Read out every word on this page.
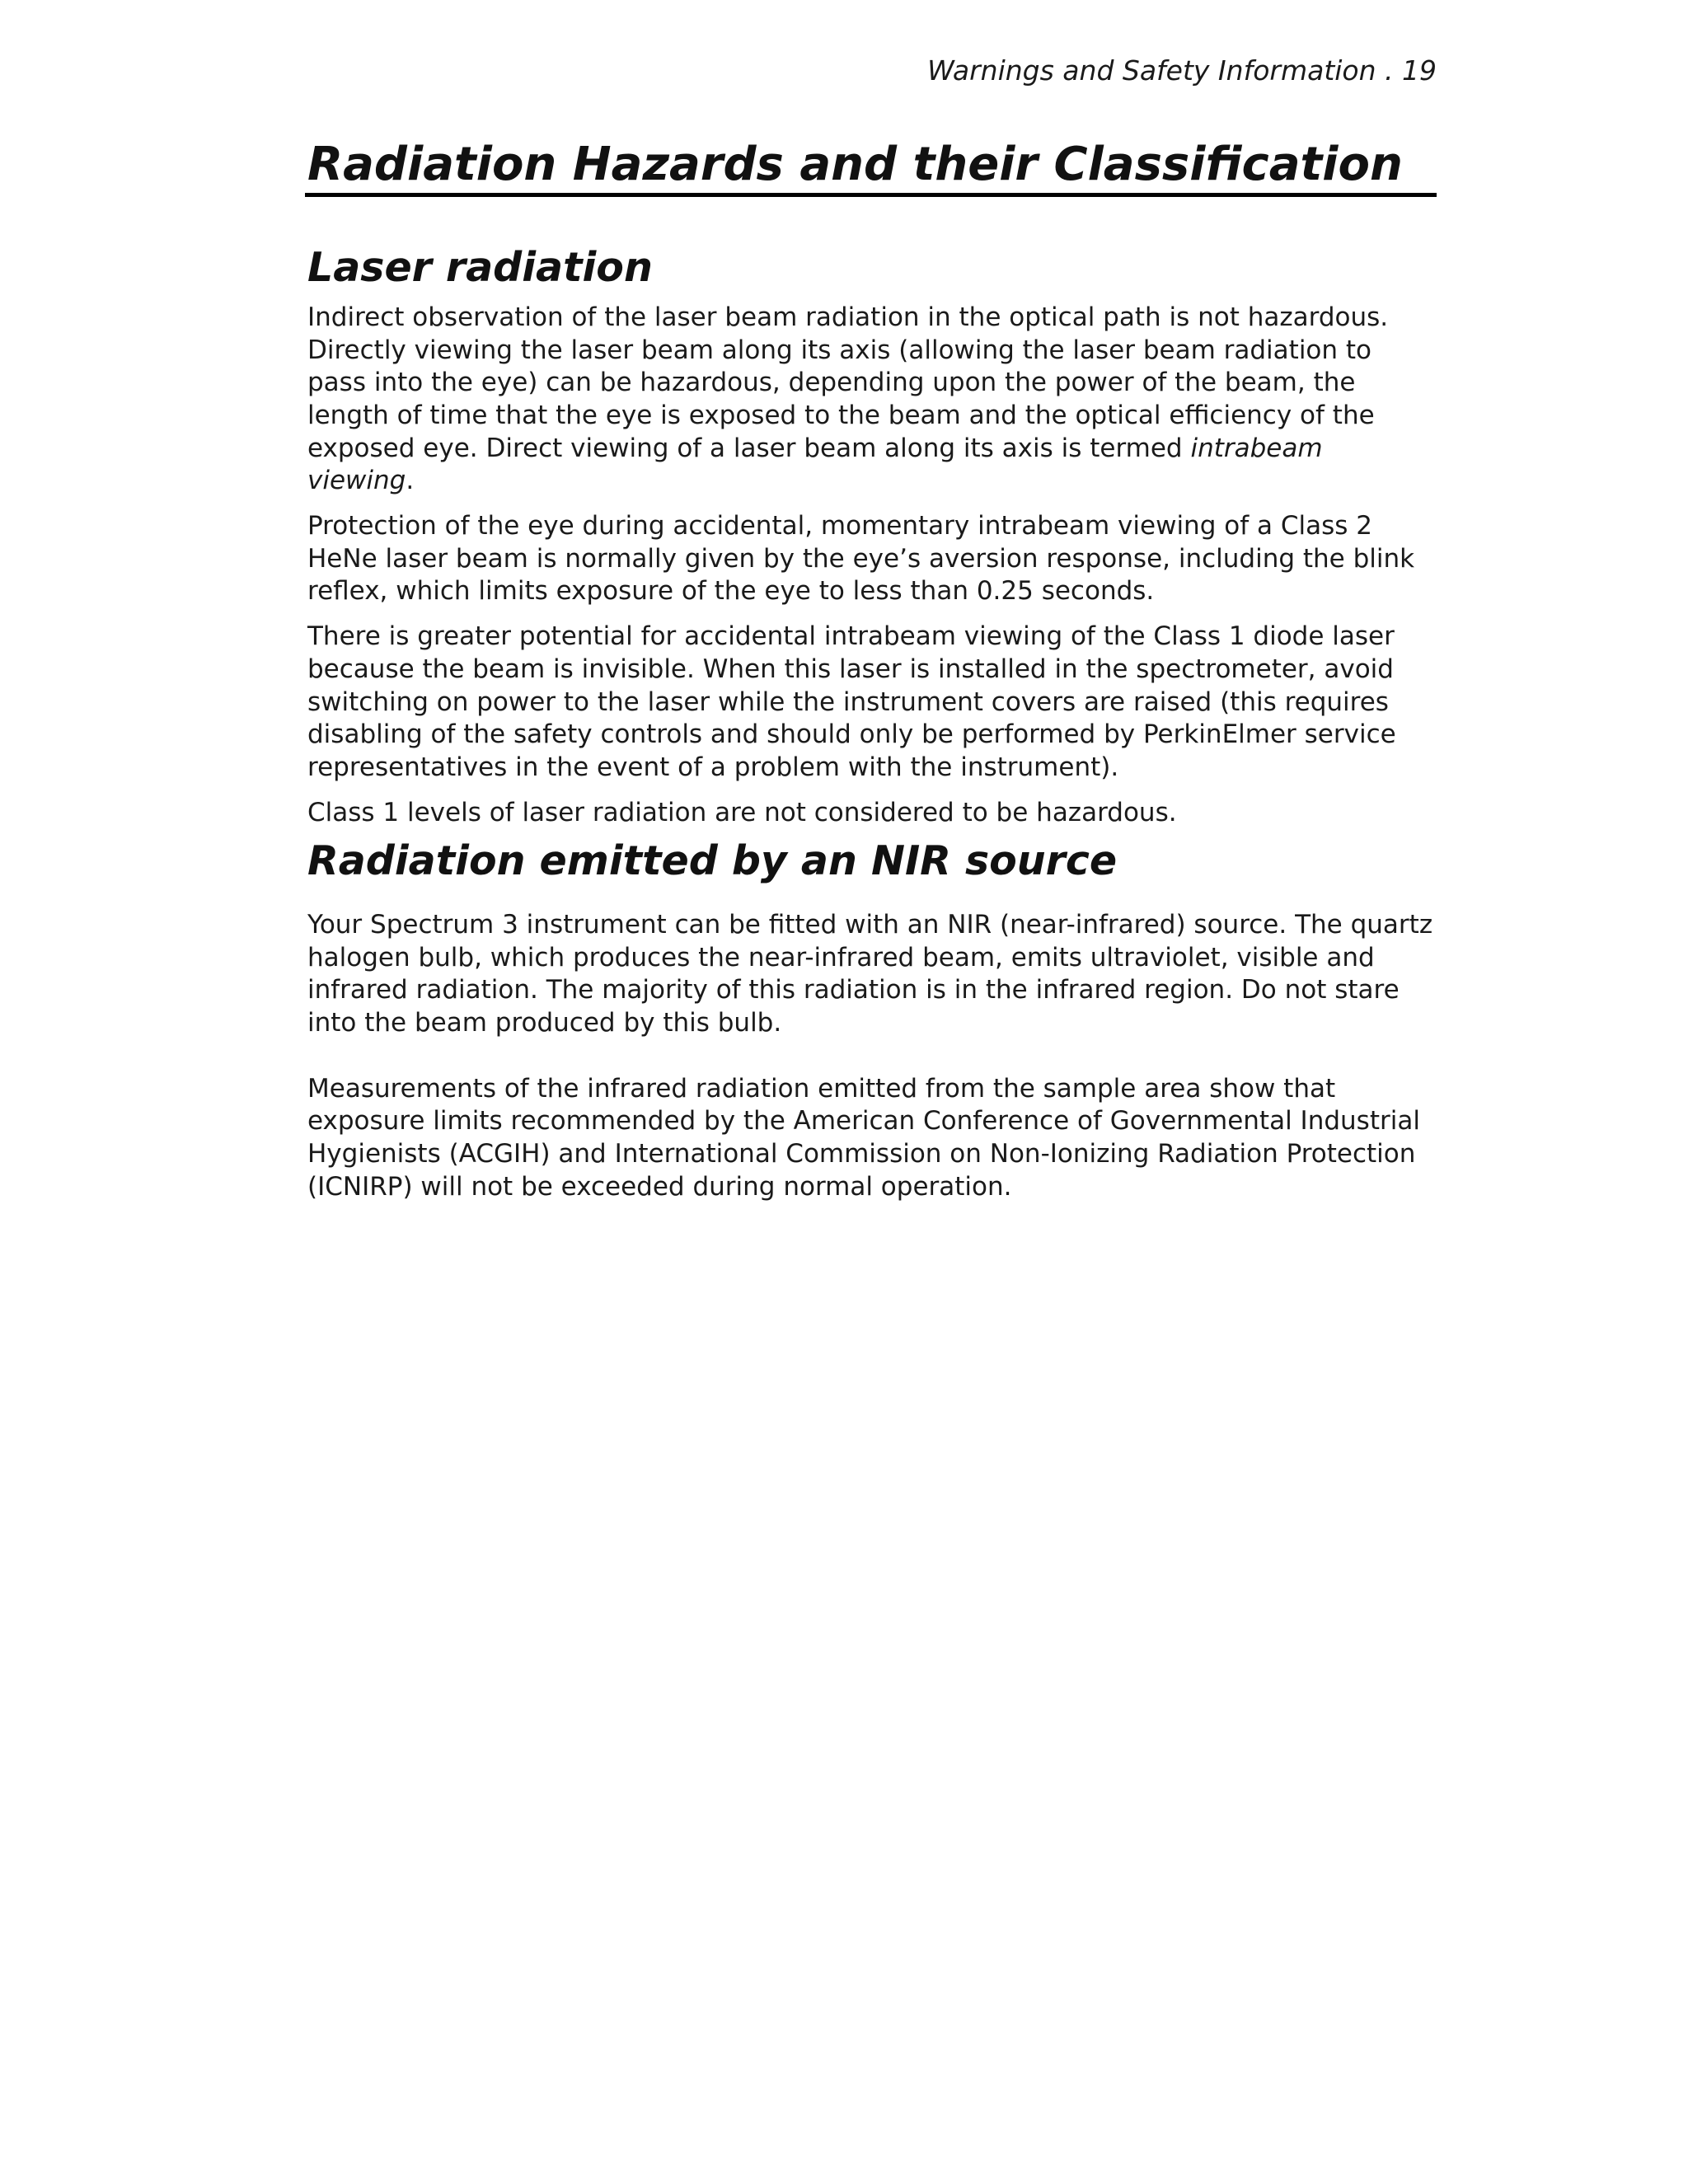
Warnings and Safety Information . 19
Radiation Hazards and their Classification
Laser radiation

Indirect observation of the laser beam radiation in the optical path is not hazardous. Directly viewing the laser beam along its axis (allowing the laser beam radiation to pass into the eye) can be hazardous, depending upon the power of the beam, the length of time that the eye is exposed to the beam and the optical efficiency of the exposed eye. Direct viewing of a laser beam along its axis is termed intrabeam viewing.

Protection of the eye during accidental, momentary intrabeam viewing of a Class 2 HeNe laser beam is normally given by the eye’s aversion response, including the blink reflex, which limits exposure of the eye to less than 0.25 seconds.

There is greater potential for accidental intrabeam viewing of the Class 1 diode laser because the beam is invisible. When this laser is installed in the spectrometer, avoid switching on power to the laser while the instrument covers are raised (this requires disabling of the safety controls and should only be performed by PerkinElmer service representatives in the event of a problem with the instrument).

Class 1 levels of laser radiation are not considered to be hazardous.

Radiation emitted by an NIR source

Your Spectrum 3 instrument can be fitted with an NIR (near-infrared) source. The quartz halogen bulb, which produces the near-infrared beam, emits ultraviolet, visible and infrared radiation. The majority of this radiation is in the infrared region. Do not stare into the beam produced by this bulb.

Measurements of the infrared radiation emitted from the sample area show that exposure limits recommended by the American Conference of Governmental Industrial Hygienists (ACGIH) and International Commission on Non-Ionizing Radiation Protection (ICNIRP) will not be exceeded during normal operation.
